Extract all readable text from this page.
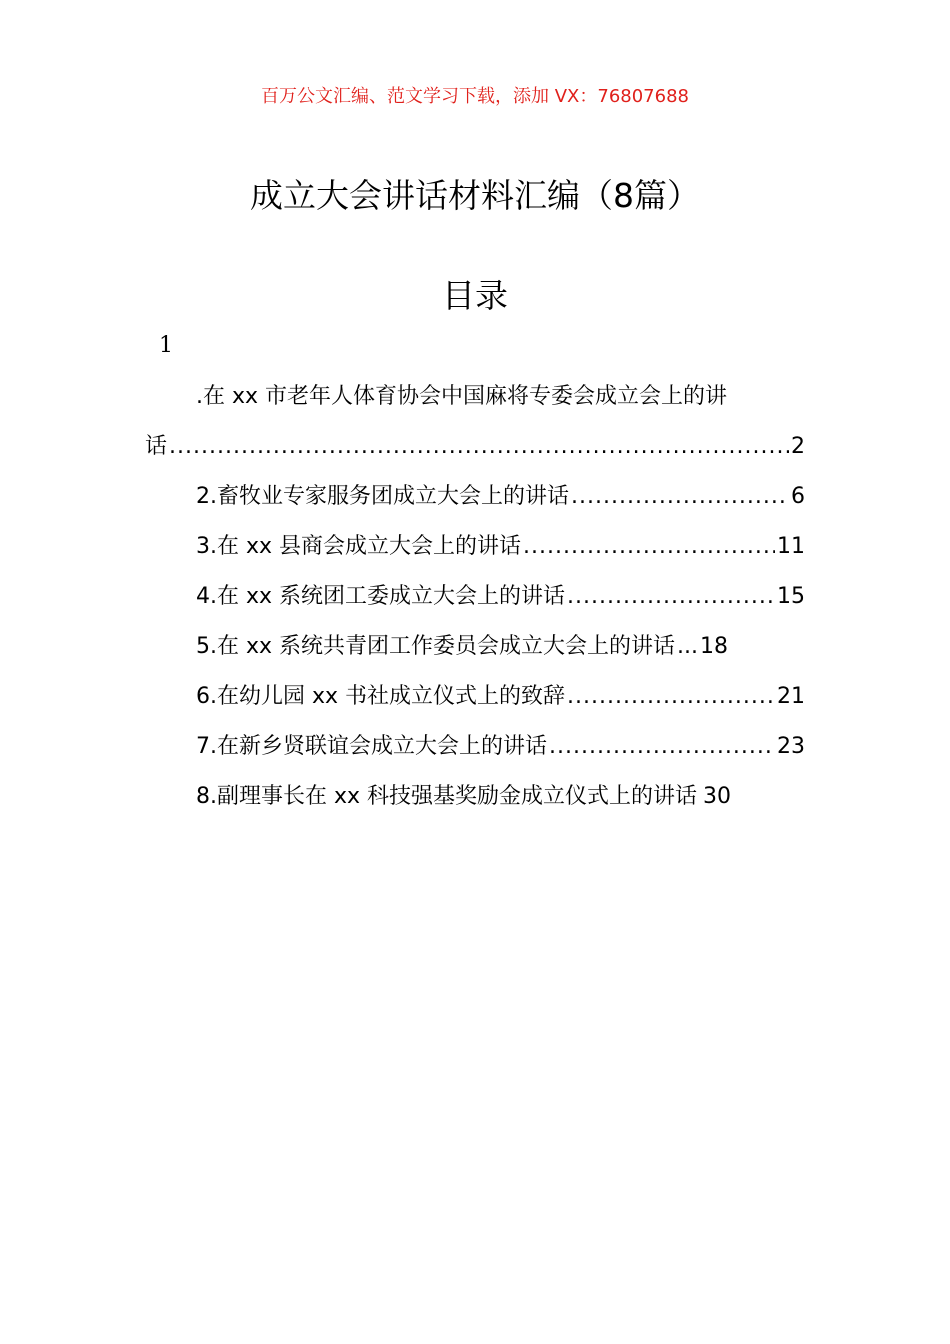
百万公文汇编、范文学习下载，添加 VX：76807688
成立大会讲话材料汇编（8篇）
目录
1
.在 xx 市老年人体育协会中国麻将专委会成立会上的讲
话 .....	2
2.畜牧业专家服务团成立大会上的讲话 .....	6
3.在 xx 县商会成立大会上的讲话 .....	11
4.在 xx 系统团工委成立大会上的讲话 .....	15
5.在 xx 系统共青团工作委员会成立大会上的讲话 ... 18
6.在幼儿园 xx 书社成立仪式上的致辞 .....	21
7.在新乡贤联谊会成立大会上的讲话 .....	23
8.副理事长在 xx 科技强基奖励金成立仪式上的讲话 30
